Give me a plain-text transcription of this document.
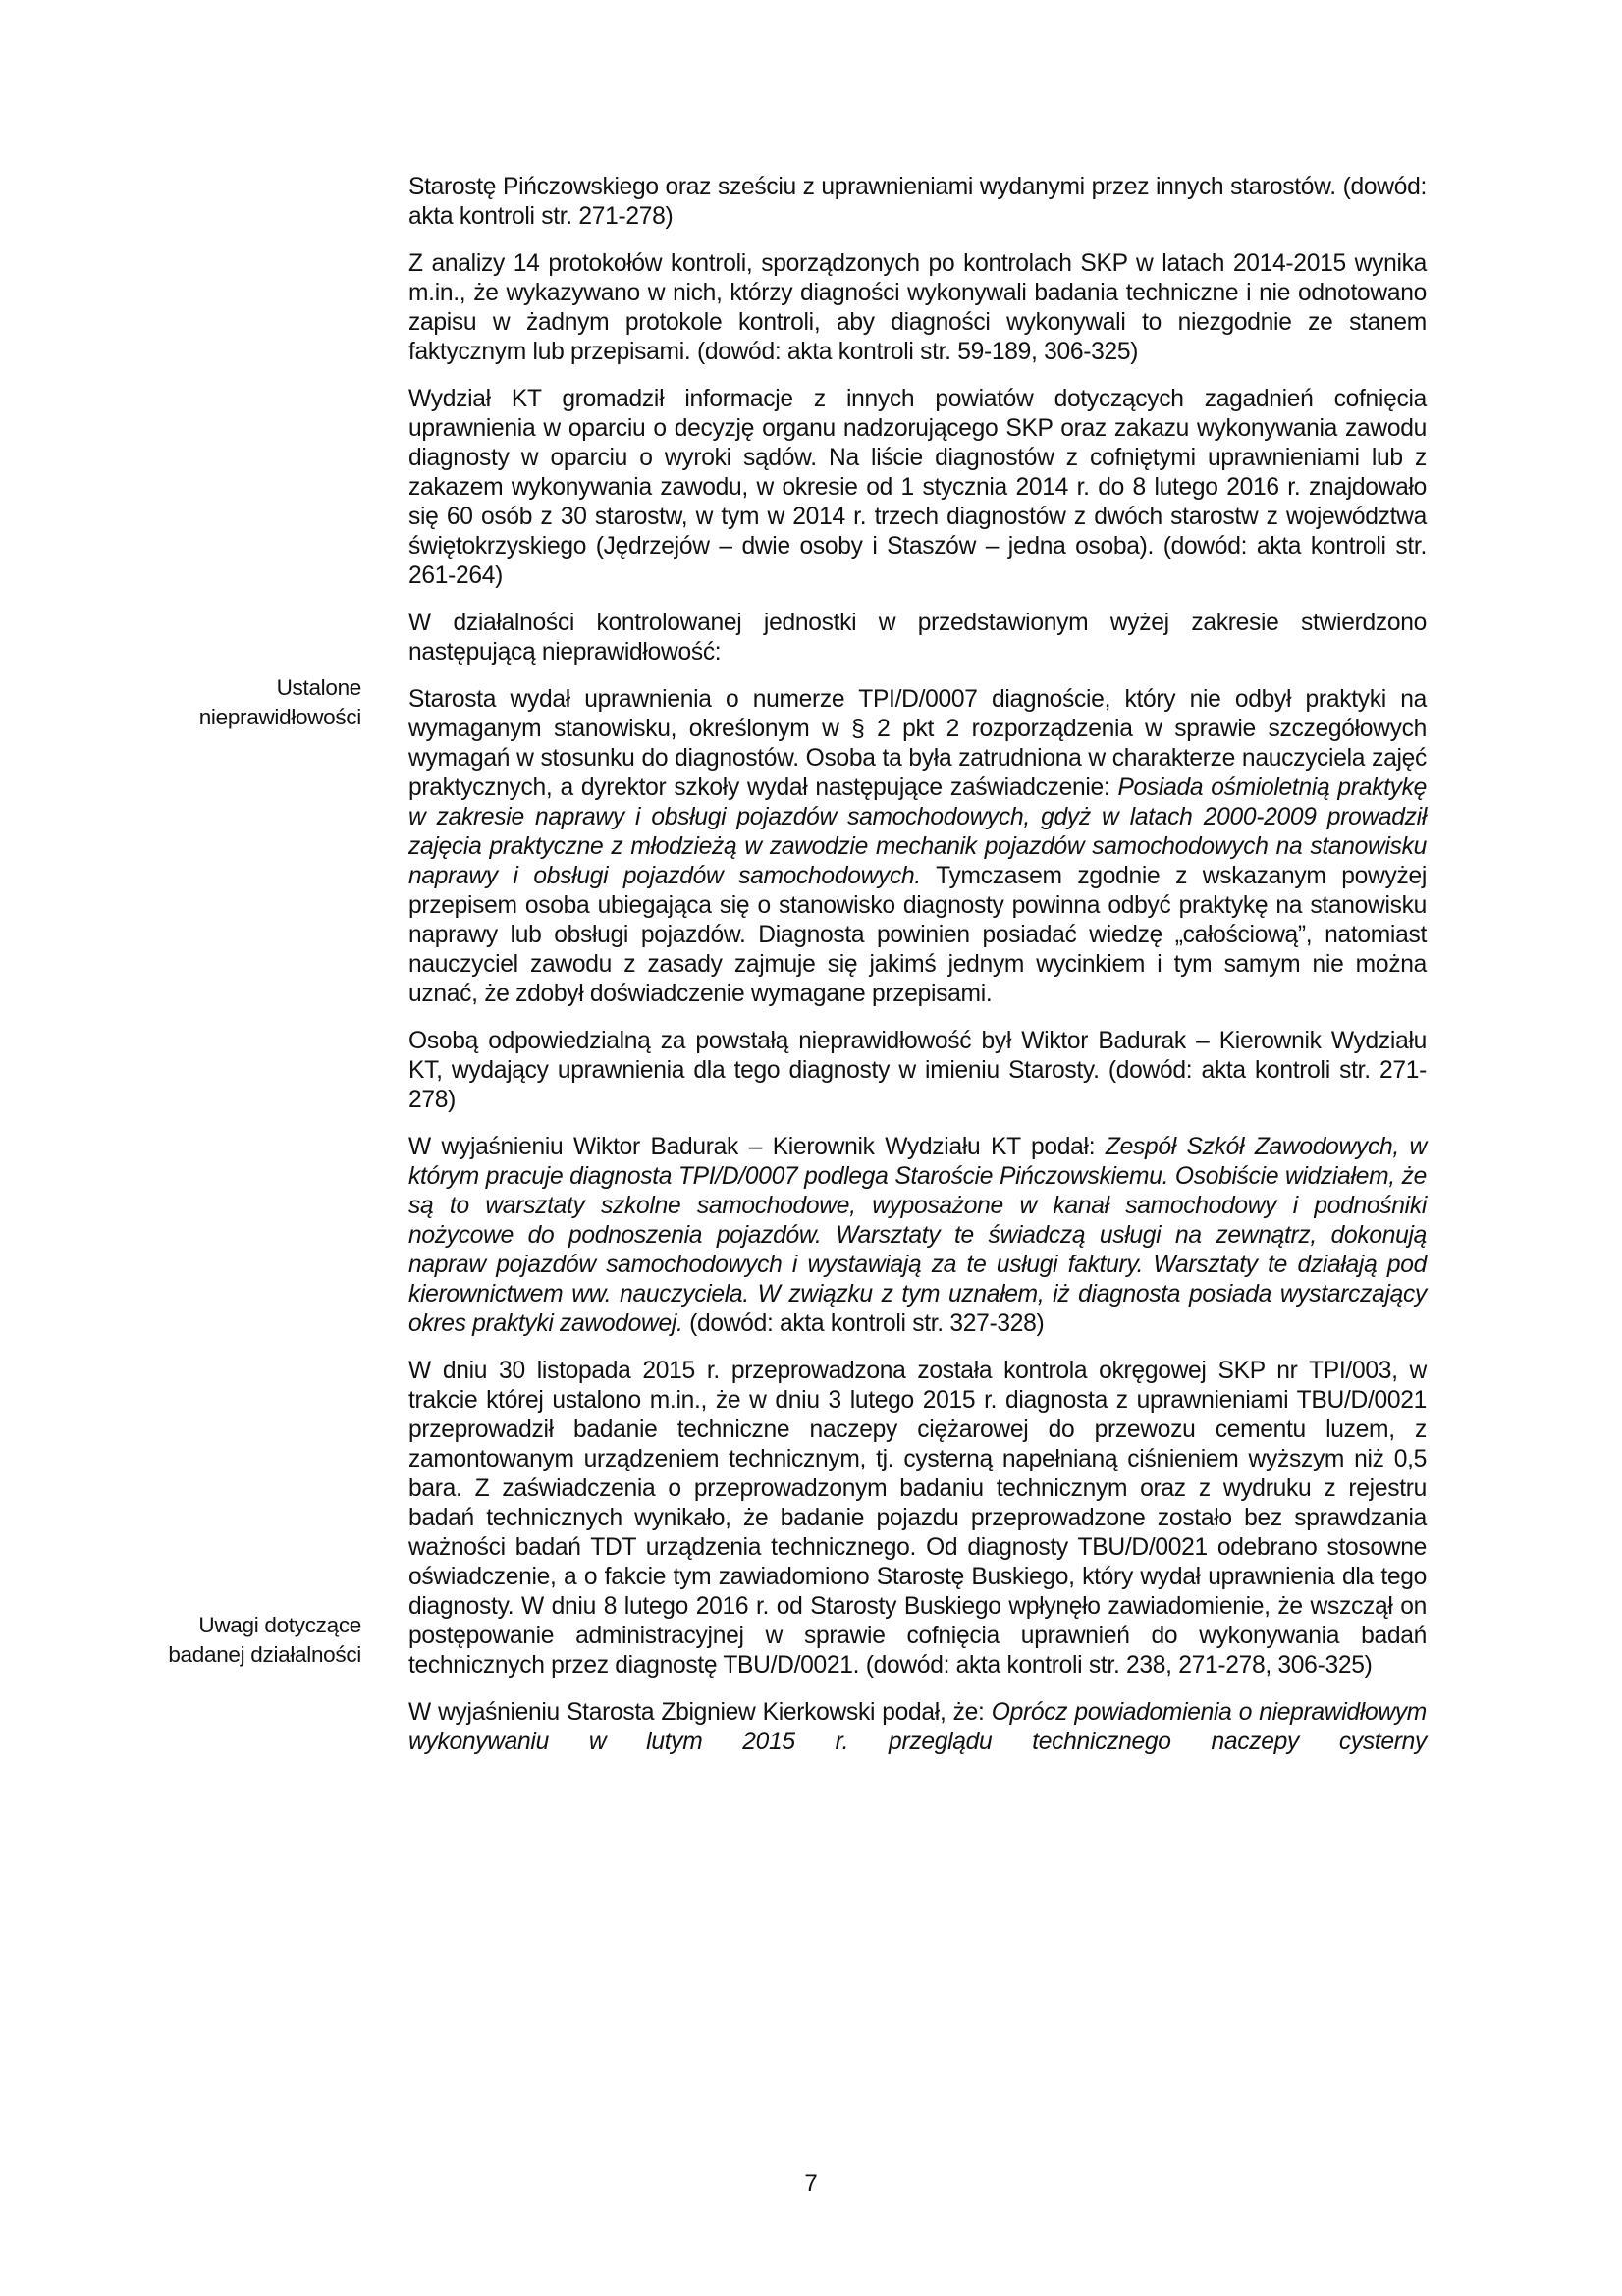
Ustalone nieprawidłowości
Uwagi dotyczące badanej działalności

Starostę Pińczowskiego oraz sześciu z uprawnieniami wydanymi przez innych starostów. (dowód: akta kontroli str. 271-278)

Z analizy 14 protokołów kontroli, sporządzonych po kontrolach SKP w latach 2014-2015 wynika m.in., że wykazywano w nich, którzy diagności wykonywali badania techniczne i nie odnotowano zapisu w żadnym protokole kontroli, aby diagności wykonywali to niezgodnie ze stanem faktycznym lub przepisami. (dowód: akta kontroli str. 59-189, 306-325)

Wydział KT gromadził informacje z innych powiatów dotyczących zagadnień cofnięcia uprawnienia w oparciu o decyzję organu nadzorującego SKP oraz zakazu wykonywania zawodu diagnosty w oparciu o wyroki sądów. Na liście diagnostów z cofniętymi uprawnieniami lub z zakazem wykonywania zawodu, w okresie od 1 stycznia 2014 r. do 8 lutego 2016 r. znajdowało się 60 osób z 30 starostw, w tym w 2014 r. trzech diagnostów z dwóch starostw z województwa świętokrzyskiego (Jędrzejów – dwie osoby i Staszów – jedna osoba). (dowód: akta kontroli str. 261-264)

W działalności kontrolowanej jednostki w przedstawionym wyżej zakresie stwierdzono następującą nieprawidłowość:

Starosta wydał uprawnienia o numerze TPI/D/0007 diagnoście, który nie odbył praktyki na wymaganym stanowisku, określonym w § 2 pkt 2 rozporządzenia w sprawie szczegółowych wymagań w stosunku do diagnostów. Osoba ta była zatrudniona w charakterze nauczyciela zajęć praktycznych, a dyrektor szkoły wydał następujące zaświadczenie: Posiada ośmioletnią praktykę w zakresie naprawy i obsługi pojazdów samochodowych, gdyż w latach 2000-2009 prowadził zajęcia praktyczne z młodzieżą w zawodzie mechanik pojazdów samochodowych na stanowisku naprawy i obsługi pojazdów samochodowych. Tymczasem zgodnie z wskazanym powyżej przepisem osoba ubiegająca się o stanowisko diagnosty powinna odbyć praktykę na stanowisku naprawy lub obsługi pojazdów. Diagnosta powinien posiadać wiedzę „całościową”, natomiast nauczyciel zawodu z zasady zajmuje się jakimś jednym wycinkiem i tym samym nie można uznać, że zdobył doświadczenie wymagane przepisami.

Osobą odpowiedzialną za powstałą nieprawidłowość był Wiktor Badurak – Kierownik Wydziału KT, wydający uprawnienia dla tego diagnosty w imieniu Starosty. (dowód: akta kontroli str. 271-278)

W wyjaśnieniu Wiktor Badurak – Kierownik Wydziału KT podał: Zespół Szkół Zawodowych, w którym pracuje diagnosta TPI/D/0007 podlega Staroście Pińczowskiemu. Osobiście widziałem, że są to warsztaty szkolne samochodowe, wyposażone w kanał samochodowy i podnośniki nożycowe do podnoszenia pojazdów. Warsztaty te świadczą usługi na zewnątrz, dokonują napraw pojazdów samochodowych i wystawiają za te usługi faktury. Warsztaty te działają pod kierownictwem ww. nauczyciela. W związku z tym uznałem, iż diagnosta posiada wystarczający okres praktyki zawodowej. (dowód: akta kontroli str. 327-328)

W dniu 30 listopada 2015 r. przeprowadzona została kontrola okręgowej SKP nr TPI/003, w trakcie której ustalono m.in., że w dniu 3 lutego 2015 r. diagnosta z uprawnieniami TBU/D/0021 przeprowadził badanie techniczne naczepy ciężarowej do przewozu cementu luzem, z zamontowanym urządzeniem technicznym, tj. cysterną napełnianą ciśnieniem wyższym niż 0,5 bara. Z zaświadczenia o przeprowadzonym badaniu technicznym oraz z wydruku z rejestru badań technicznych wynikało, że badanie pojazdu przeprowadzone zostało bez sprawdzania ważności badań TDT urządzenia technicznego. Od diagnosty TBU/D/0021 odebrano stosowne oświadczenie, a o fakcie tym zawiadomiono Starostę Buskiego, który wydał uprawnienia dla tego diagnosty. W dniu 8 lutego 2016 r. od Starosty Buskiego wpłynęło zawiadomienie, że wszczął on postępowanie administracyjnej w sprawie cofnięcia uprawnień do wykonywania badań technicznych przez diagnostę TBU/D/0021. (dowód: akta kontroli str. 238, 271-278, 306-325)

W wyjaśnieniu Starosta Zbigniew Kierkowski podał, że: Oprócz powiadomienia o nieprawidłowym wykonywaniu w lutym 2015 r. przeglądu technicznego naczepy cysterny

7
